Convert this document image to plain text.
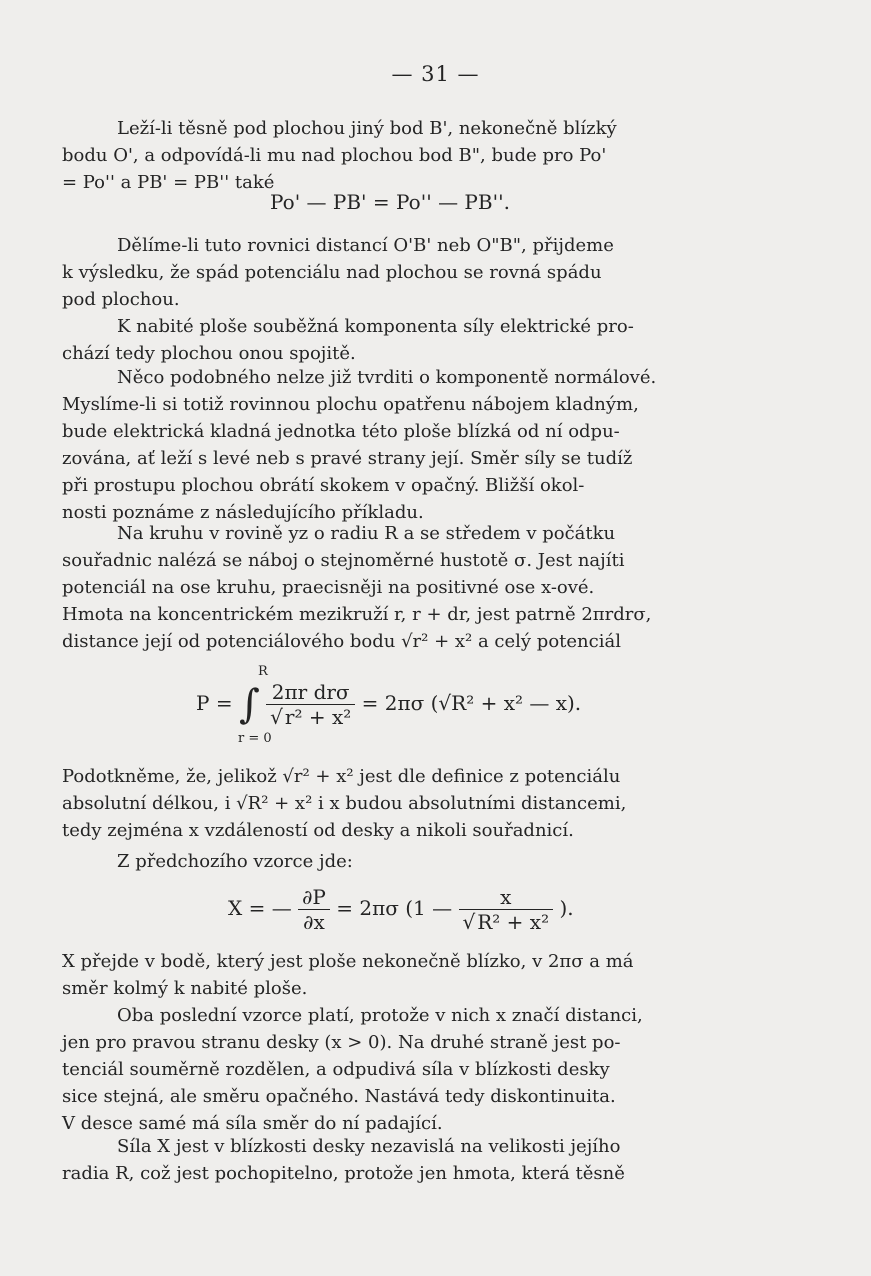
— 31 —

Leží-li těsně pod plochou jiný bod B', nekonečně blízký
bodu O', a odpovídá-li mu nad plochou bod B", bude pro Po'
= Po'' a PB' = PB'' také

Po' — PB' = Po'' — PB''.

Dělíme-li tuto rovnici distancí O'B' neb O"B", přijdeme
k výsledku, že spád potenciálu nad plochou se rovná spádu
pod plochou.

K nabité ploše souběžná komponenta síly elektrické pro-
chází tedy plochou onou spojitě.

Něco podobného nelze již tvrditi o komponentě normálové.
Myslíme-li si totiž rovinnou plochu opatřenu nábojem kladným,
bude elektrická kladná jednotka této ploše blízká od ní odpu-
zována, ať leží s levé neb s pravé strany její. Směr síly se tudíž
při prostupu plochou obrátí skokem v opačný. Bližší okol-
nosti poznáme z následujícího příkladu.

Na kruhu v rovině yz o radiu R a se středem v počátku
souřadnic nalézá se náboj o stejnoměrné hustotě σ. Jest najíti
potenciál na ose kruhu, praecisněji na positivné ose x-ové.
Hmota na koncentrickém mezikruží r, r + dr, jest patrně 2πrdrσ,
distance její od potenciálového bodu √r² + x² a celý potenciál

P = ∫ $\frac{\text{2πr drσ}}{\text{√ r² + x²}} = 2\pi\sigma$ (√R² + x² — x).
R
r = 0

Podotkněme, že, jelikož √r² + x² jest dle definice z potenciálu
absolutní délkou, i √R² + x² i x budou absolutními distancemi,
tedy zejména x vzdáleností od desky a nikoli souřadnicí.

Z předchozího vzorce jde:

X = — $\frac{\partial P}{\partial x} = 2\pi\sigma$ (1 — $\frac{x}{\text{√ R² + x²}}$ ).

X přejde v bodě, který jest ploše nekonečně blízko, v 2πσ a má
směr kolmý k nabité ploše.

Oba poslední vzorce platí, protože v nich x značí distanci,
jen pro pravou stranu desky (x > 0). Na druhé straně jest po-
tenciál souměrně rozdělen, a odpudivá síla v blízkosti desky
sice stejná, ale směru opačného. Nastává tedy diskontinuita.
V desce samé má síla směr do ní padající.

Síla X jest v blízkosti desky nezavislá na velikosti jejího
radia R, což jest pochopitelno, protože jen hmota, která těsně
